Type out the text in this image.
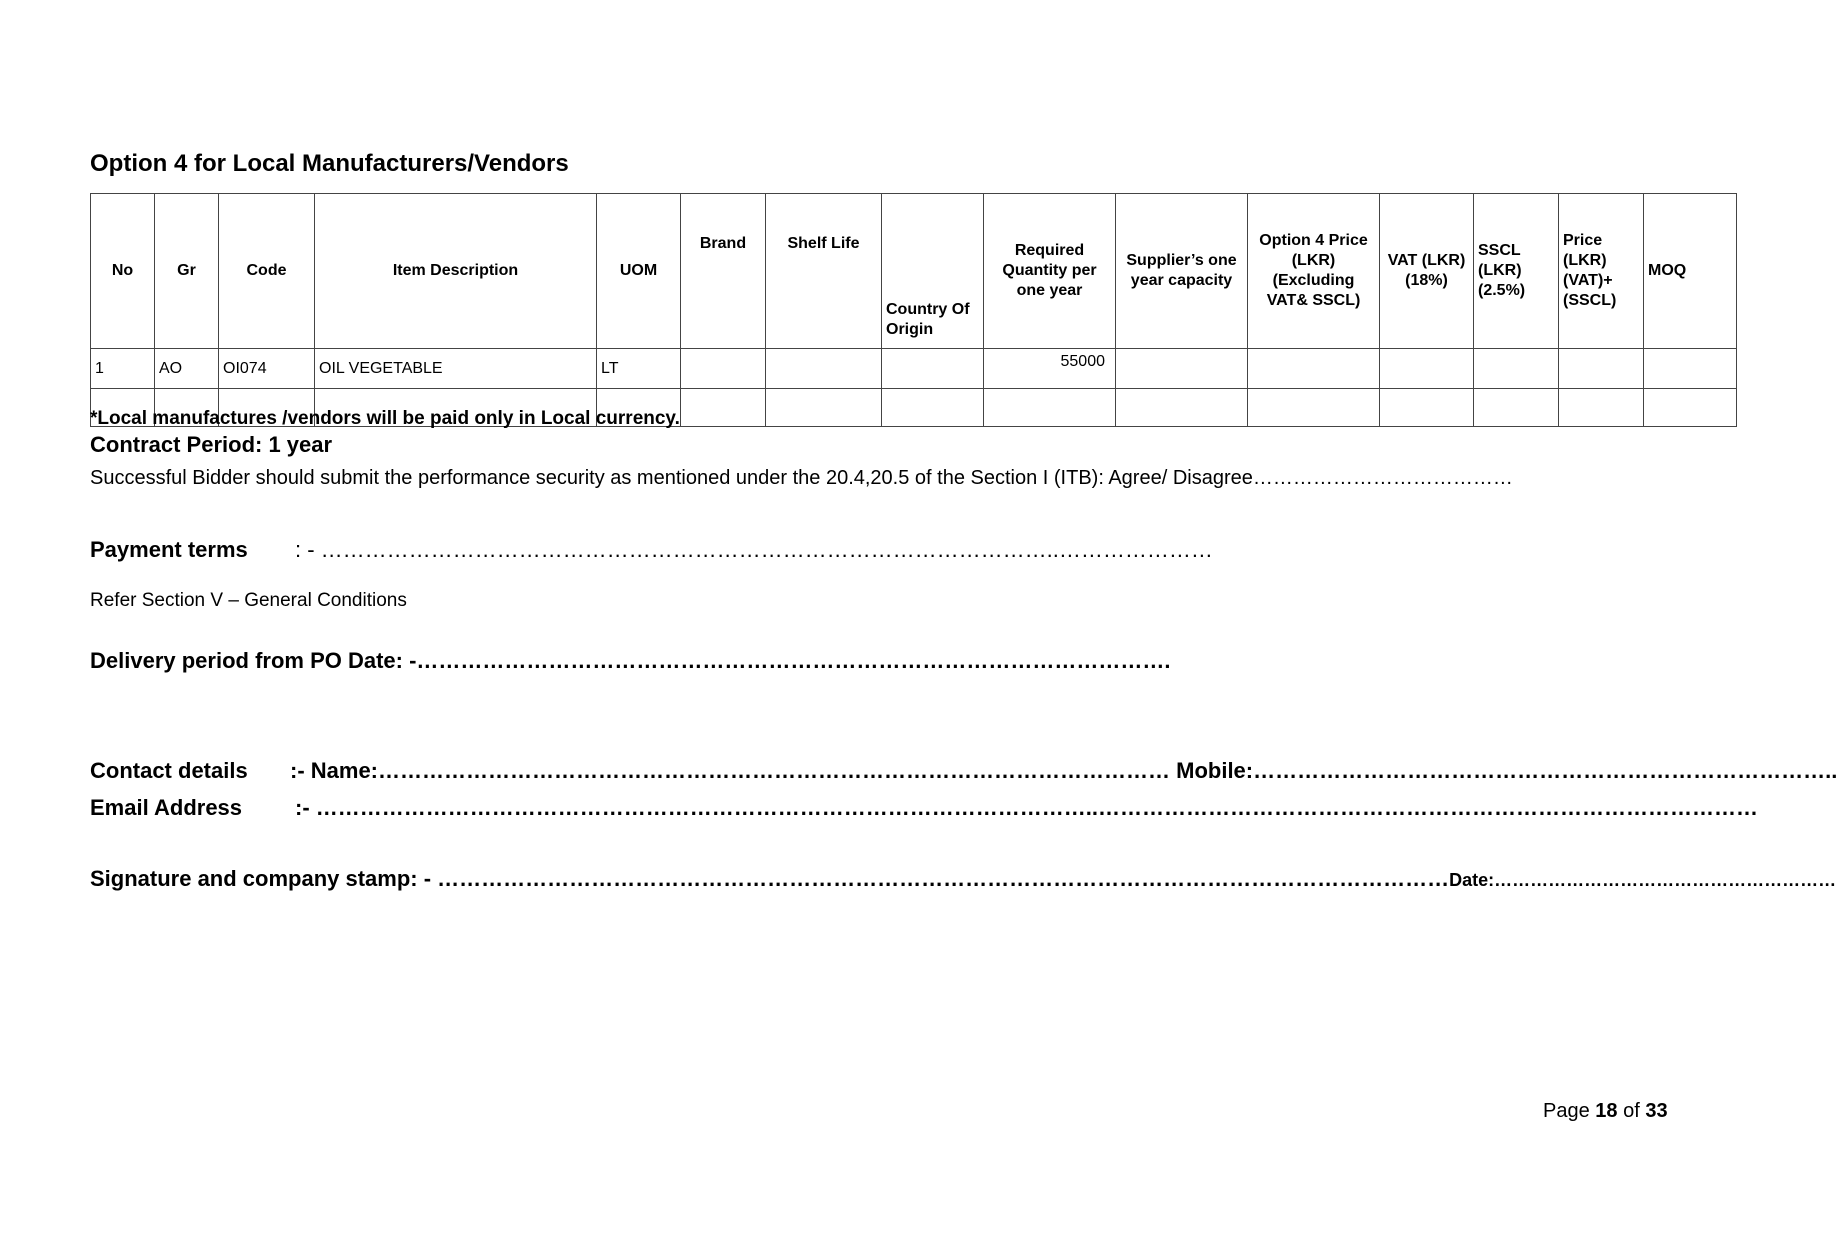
Option 4 for Local Manufacturers/Vendors
No	Gr	Code	Item Description	UOM	Brand	Shelf Life	Country Of Origin	Required Quantity per one year	Supplier’s one year capacity	Option 4 Price (LKR) (Excluding VAT& SSCL)	VAT (LKR) (18%)	SSCL (LKR) (2.5%)	Price (LKR) (VAT)+ (SSCL)	MOQ
1	AO	OI074	OIL VEGETABLE	LT				55000						

*Local manufactures /vendors will be paid only in Local currency.
Contract Period: 1 year
Successful Bidder should submit the performance security as mentioned under the 20.4,20.5 of the Section I (ITB): Agree/ Disagree…………………………………
Payment terms : - ………………………………………………………………………………………..…………………
Refer Section V – General Conditions
Delivery period from PO Date: -………………………………………………………………………………………….
Contact details :- Name:……………………………………………………………………………………………… Mobile:……………………………………………………………………..
Email Address :- ……………………………………………………………………………………………..………………………………………………………………………………
Signature and company stamp: - …………………………………………………………………………………………………………………………Date:…………………………………………………
Page 18 of 33
